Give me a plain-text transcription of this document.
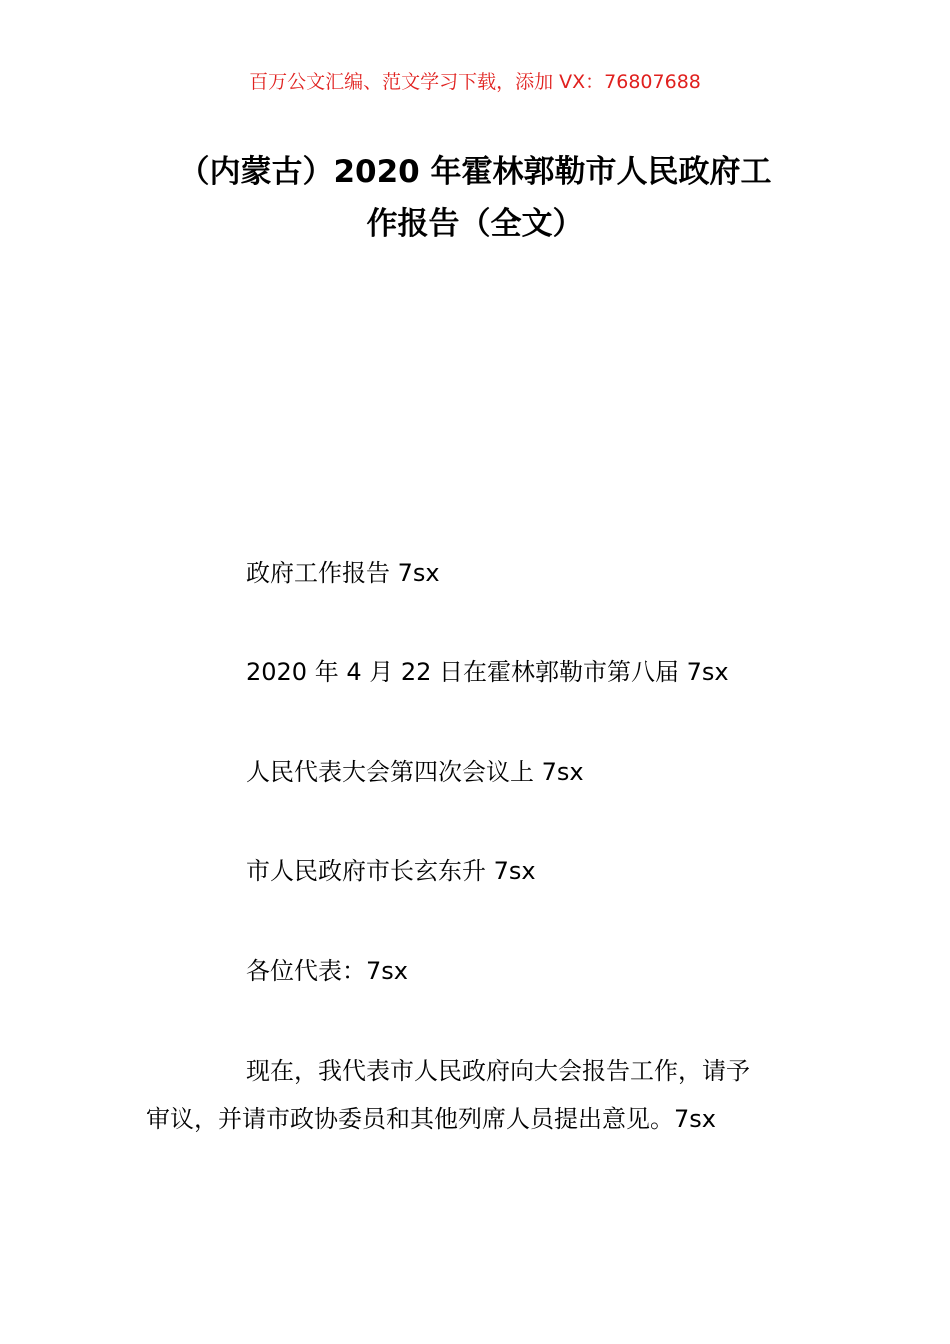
百万公文汇编、范文学习下载，添加 VX：76807688
（内蒙古）2020 年霍林郭勒市人民政府工
作报告（全文）
政府工作报告 7sx
2020 年 4 月 22 日在霍林郭勒市第八届 7sx
人民代表大会第四次会议上 7sx
市人民政府市长玄东升 7sx
各位代表：7sx
现在，我代表市人民政府向大会报告工作，请予
审议，并请市政协委员和其他列席人员提出意见。7sx
